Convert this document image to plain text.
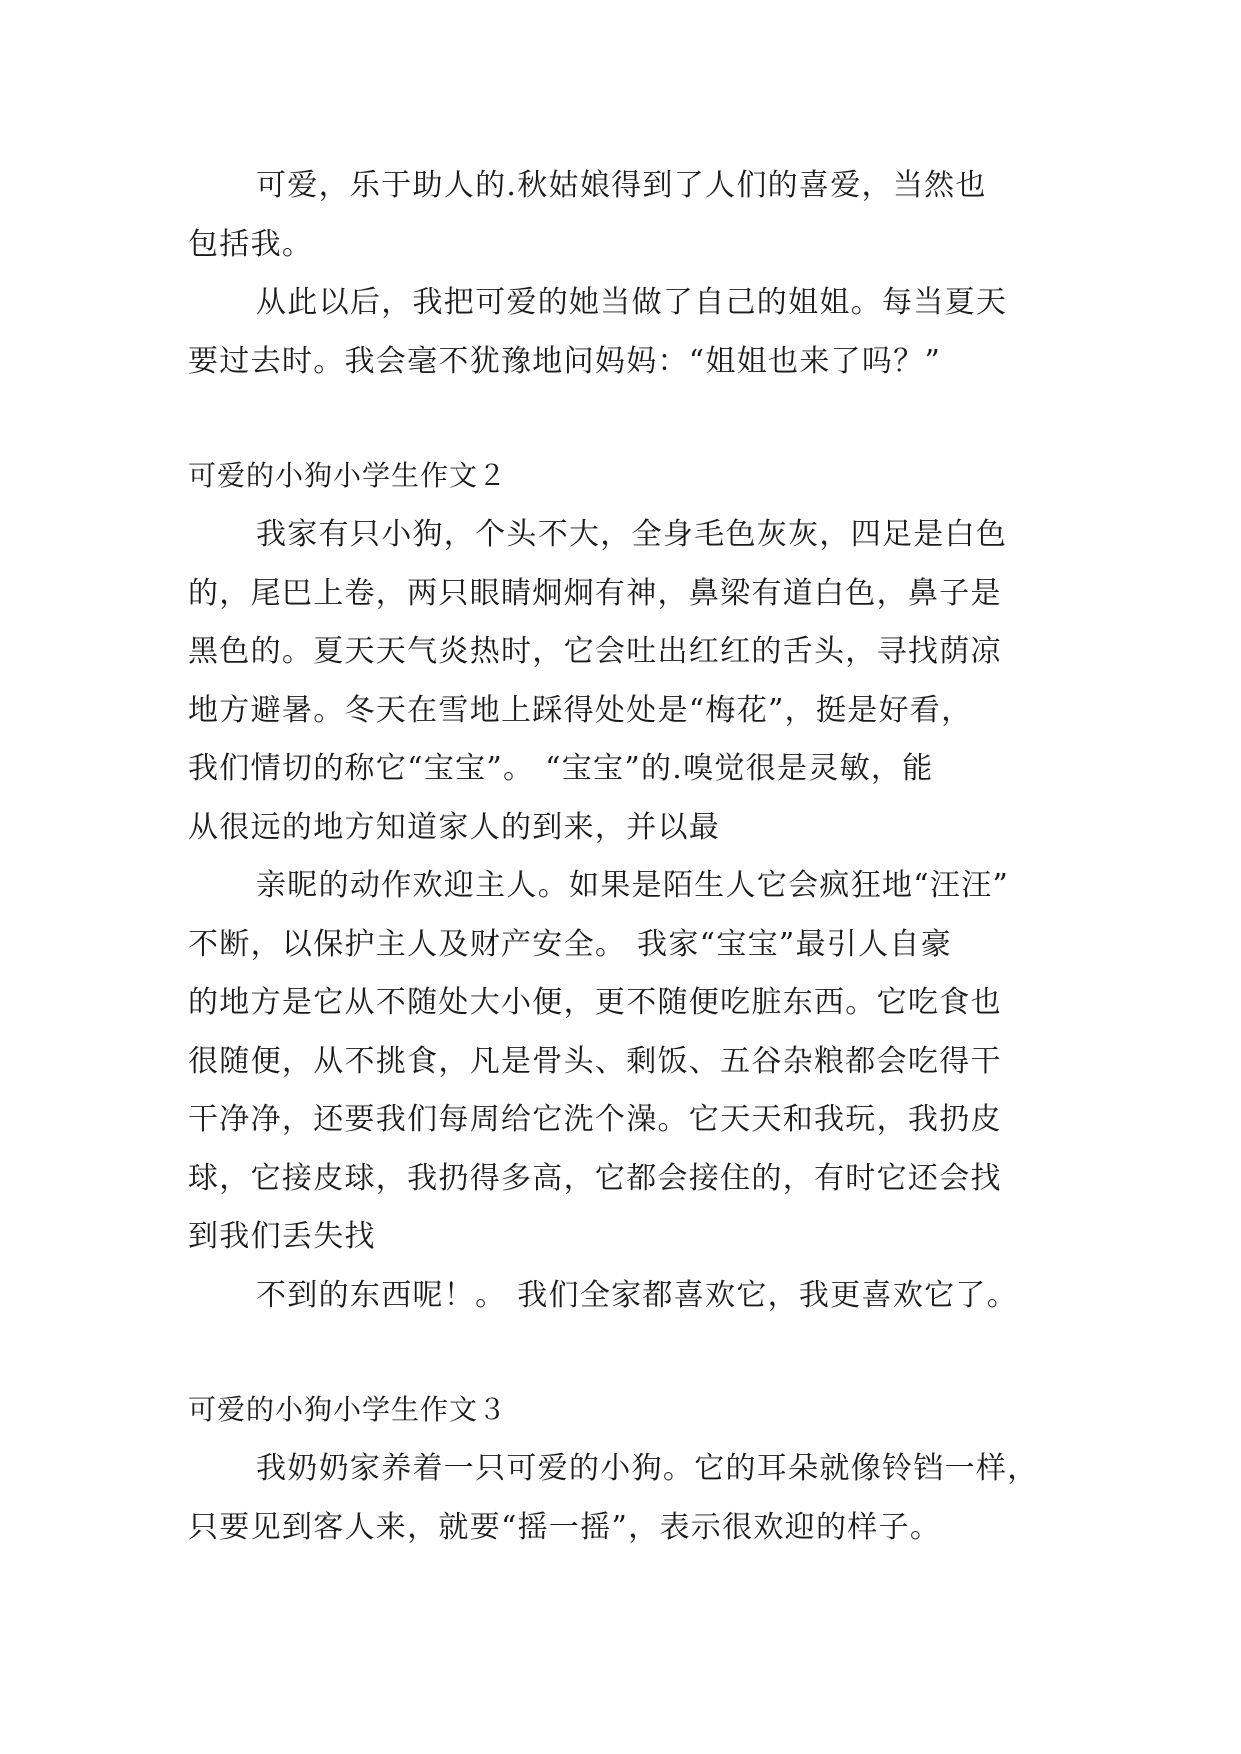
可爱，乐于助人的.秋姑娘得到了人们的喜爱，当然也
包括我。
从此以后，我把可爱的她当做了自己的姐姐。每当夏天
要过去时。我会毫不犹豫地问妈妈：“姐姐也来了吗？”
可爱的小狗小学生作文２
我家有只小狗，个头不大，全身毛色灰灰，四足是白色
的，尾巴上卷，两只眼睛炯炯有神，鼻梁有道白色，鼻子是
黑色的。夏天天气炎热时，它会吐出红红的舌头，寻找荫凉
地方避暑。冬天在雪地上踩得处处是“梅花”，挺是好看，
我们情切的称它“宝宝”。 “宝宝”的.嗅觉很是灵敏，能
从很远的地方知道家人的到来，并以最
亲昵的动作欢迎主人。如果是陌生人它会疯狂地“汪汪”
不断，以保护主人及财产安全。 我家“宝宝”最引人自豪
的地方是它从不随处大小便，更不随便吃脏东西。它吃食也
很随便，从不挑食，凡是骨头、剩饭、五谷杂粮都会吃得干
干净净，还要我们每周给它洗个澡。它天天和我玩，我扔皮
球，它接皮球，我扔得多高，它都会接住的，有时它还会找
到我们丢失找
不到的东西呢！。 我们全家都喜欢它，我更喜欢它了。
可爱的小狗小学生作文３
我奶奶家养着一只可爱的小狗。它的耳朵就像铃铛一样，
只要见到客人来，就要“摇一摇”，表示很欢迎的样子。
